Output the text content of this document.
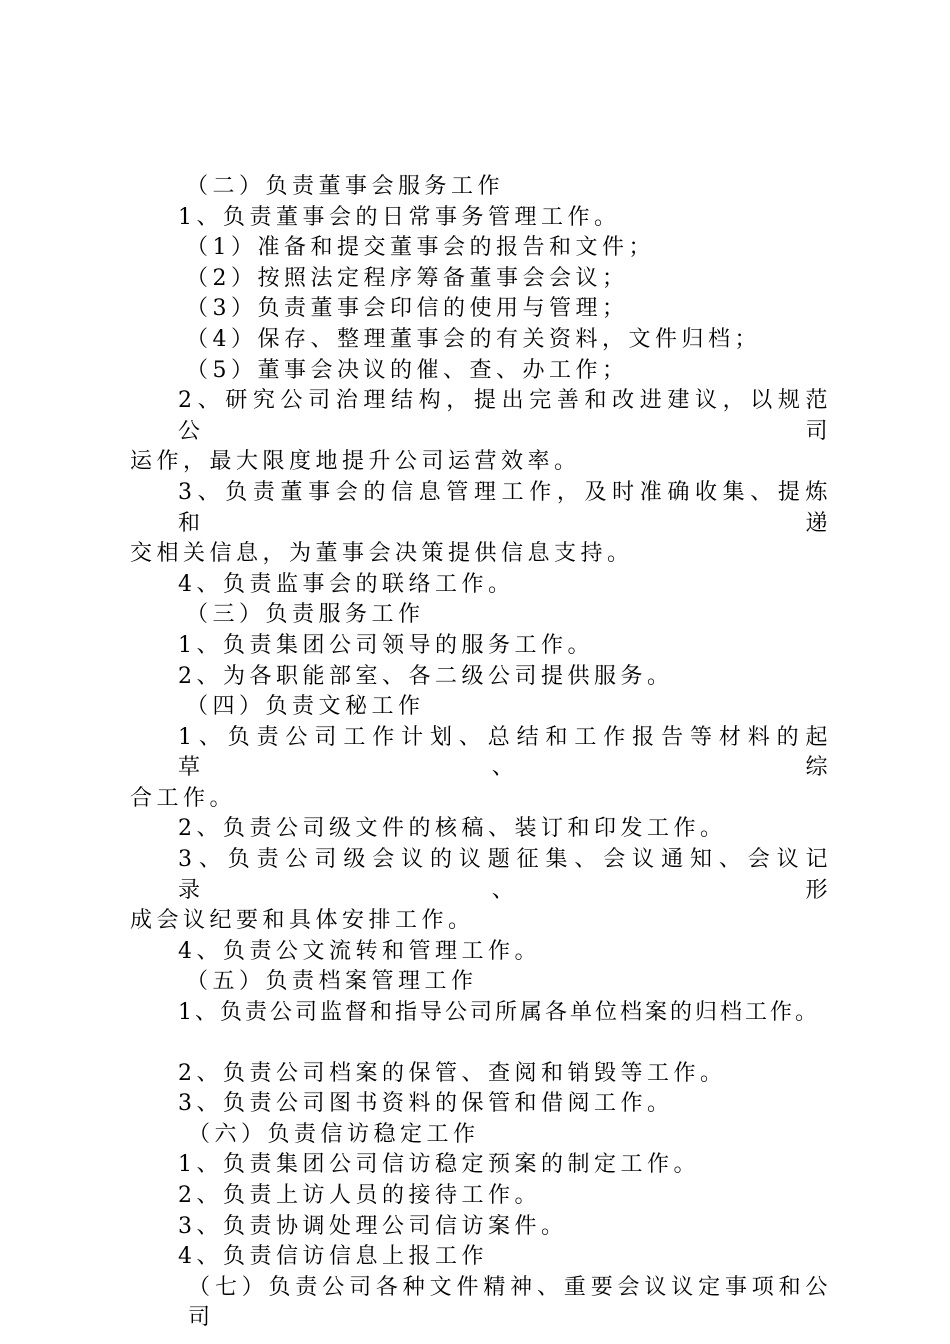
（二）负责董事会服务工作
1、负责董事会的日常事务管理工作。
（1）准备和提交董事会的报告和文件；
（2）按照法定程序筹备董事会会议；
（3）负责董事会印信的使用与管理；
（4）保存、整理董事会的有关资料，文件归档；
（5）董事会决议的催、查、办工作；
2、研究公司治理结构，提出完善和改进建议，以规范公司
运作，最大限度地提升公司运营效率。
3、负责董事会的信息管理工作，及时准确收集、提炼和递
交相关信息，为董事会决策提供信息支持。
4、负责监事会的联络工作。
（三）负责服务工作
1、负责集团公司领导的服务工作。
2、为各职能部室、各二级公司提供服务。
（四）负责文秘工作
1、负责公司工作计划、总结和工作报告等材料的起草、综
合工作。
2、负责公司级文件的核稿、装订和印发工作。
3、负责公司级会议的议题征集、会议通知、会议记录、形
成会议纪要和具体安排工作。
4、负责公文流转和管理工作。
（五）负责档案管理工作
1、负责公司监督和指导公司所属各单位档案的归档工作。
2、负责公司档案的保管、查阅和销毁等工作。
3、负责公司图书资料的保管和借阅工作。
（六）负责信访稳定工作
1、负责集团公司信访稳定预案的制定工作。
2、负责上访人员的接待工作。
3、负责协调处理公司信访案件。
4、负责信访信息上报工作
（七）负责公司各种文件精神、重要会议议定事项和公司
